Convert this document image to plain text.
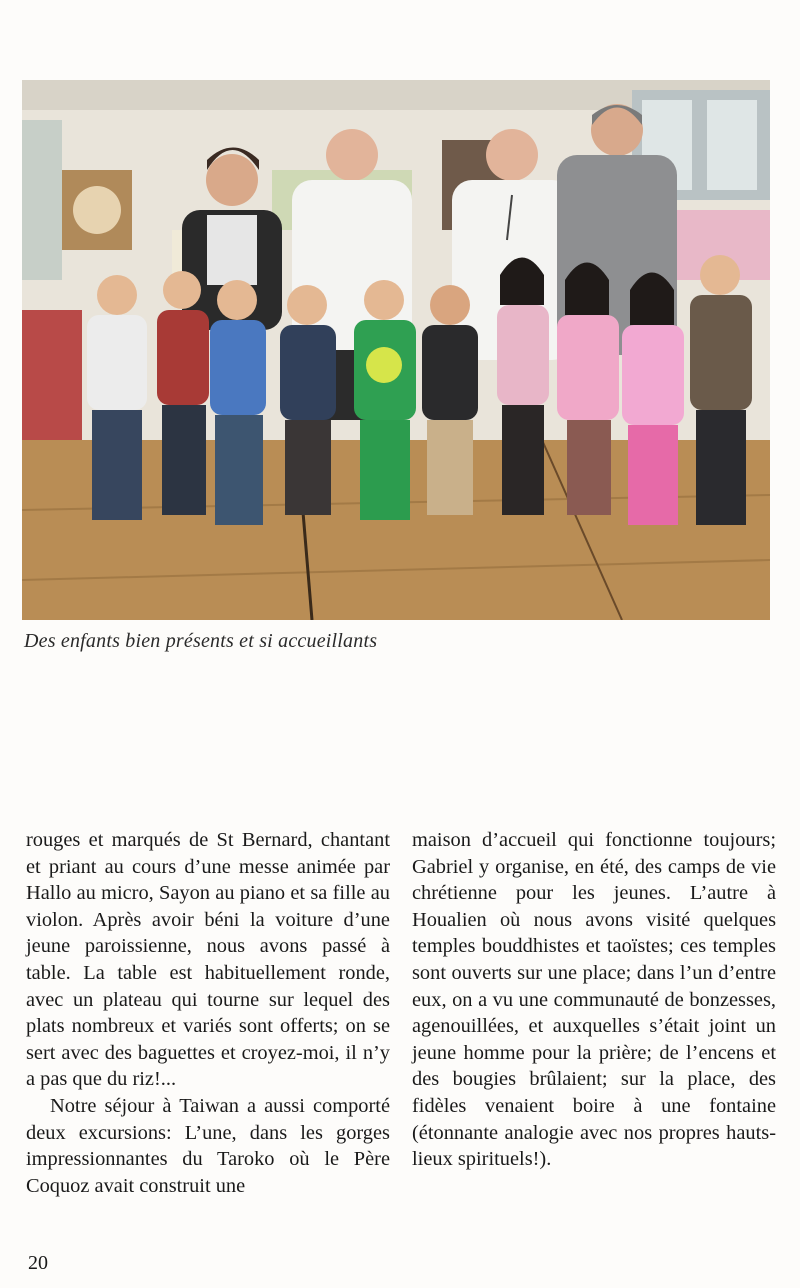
Des enfants bien présents et si accueillants

rouges et marqués de St Bernard, chantant et priant au cours d’une messe animée par Hallo au micro, Sayon au piano et sa fille au violon. Après avoir béni la voiture d’une jeune paroissienne, nous avons passé à table. La table est habituellement ronde, avec un plateau qui tourne sur lequel des plats nombreux et variés sont offerts; on se sert avec des baguettes et croyez-moi, il n’y a pas que du riz!...

Notre séjour à Taiwan a aussi comporté deux excursions: L’une, dans les gorges impressionnantes du Taroko où le Père Coquoz avait construit une

maison d’accueil qui fonctionne toujours; Gabriel y organise, en été, des camps de vie chrétienne pour les jeunes. L’autre à Houalien où nous avons visité quelques temples bouddhistes et taoïstes; ces temples sont ouverts sur une place; dans l’un d’entre eux, on a vu une communauté de bonzesses, agenouillées, et auxquelles s’était joint un jeune homme pour la prière; de l’encens et des bougies brûlaient; sur la place, des fidèles venaient boire à une fontaine (étonnante analogie avec nos propres hauts-lieux spirituels!).

20
